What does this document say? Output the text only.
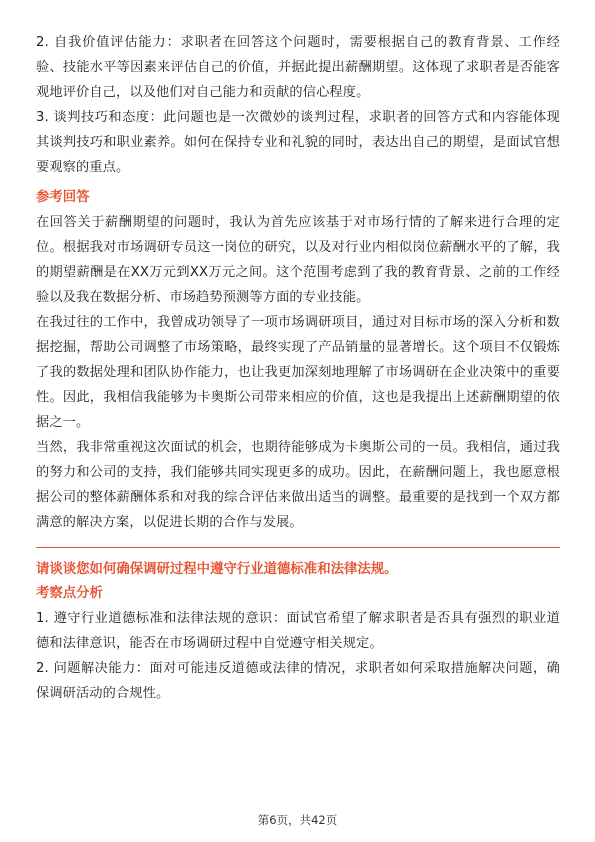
2. 自我价值评估能力：求职者在回答这个问题时，需要根据自己的教育背景、工作经验、技能水平等因素来评估自己的价值，并据此提出薪酬期望。这体现了求职者是否能客观地评价自己，以及他们对自己能力和贡献的信心程度。

3. 谈判技巧和态度：此问题也是一次微妙的谈判过程，求职者的回答方式和内容能体现其谈判技巧和职业素养。如何在保持专业和礼貌的同时，表达出自己的期望，是面试官想要观察的重点。

参考回答

在回答关于薪酬期望的问题时，我认为首先应该基于对市场行情的了解来进行合理的定位。根据我对市场调研专员这一岗位的研究，以及对行业内相似岗位薪酬水平的了解，我的期望薪酬是在XX万元到XX万元之间。这个范围考虑到了我的教育背景、之前的工作经验以及我在数据分析、市场趋势预测等方面的专业技能。

在我过往的工作中，我曾成功领导了一项市场调研项目，通过对目标市场的深入分析和数据挖掘，帮助公司调整了市场策略，最终实现了产品销量的显著增长。这个项目不仅锻炼了我的数据处理和团队协作能力，也让我更加深刻地理解了市场调研在企业决策中的重要性。因此，我相信我能够为卡奥斯公司带来相应的价值，这也是我提出上述薪酬期望的依据之一。

当然，我非常重视这次面试的机会，也期待能够成为卡奥斯公司的一员。我相信，通过我的努力和公司的支持，我们能够共同实现更多的成功。因此，在薪酬问题上，我也愿意根据公司的整体薪酬体系和对我的综合评估来做出适当的调整。最重要的是找到一个双方都满意的解决方案，以促进长期的合作与发展。

请谈谈您如何确保调研过程中遵守行业道德标准和法律法规。
考察点分析

1. 遵守行业道德标准和法律法规的意识：面试官希望了解求职者是否具有强烈的职业道德和法律意识，能否在市场调研过程中自觉遵守相关规定。

2. 问题解决能力：面对可能违反道德或法律的情况，求职者如何采取措施解决问题，确保调研活动的合规性。

第6页，共42页
